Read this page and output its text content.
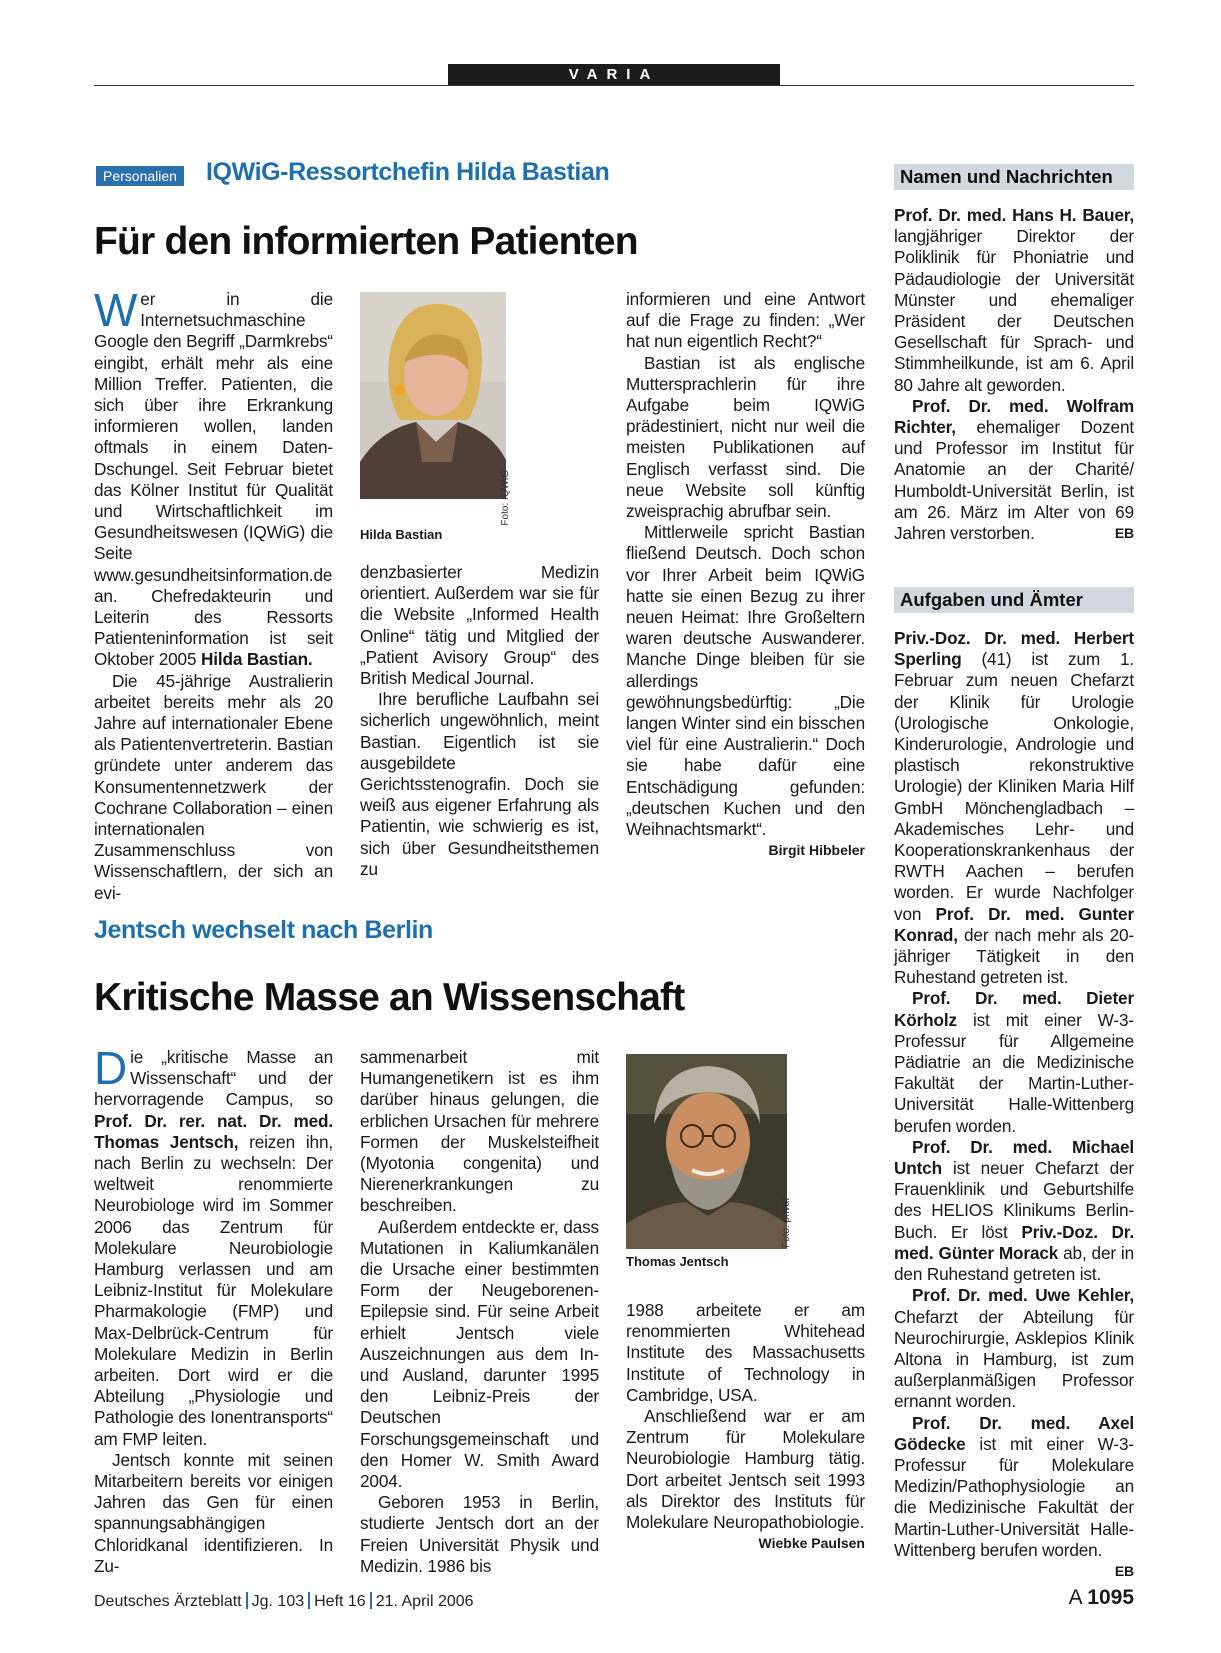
VARIA
Personalien IQWiG-Ressortchefin Hilda Bastian
Für den informierten Patienten

Wer in die Internetsuchmaschine Google den Begriff „Darmkrebs“ eingibt, erhält mehr als eine Million Treffer. Patienten, die sich über ihre Erkrankung informieren wollen, landen oftmals in einem Daten-Dschungel. Seit Februar bietet das Kölner Institut für Qualität und Wirtschaftlichkeit im Gesundheitswesen (IQWiG) die Seite www.gesundheitsinformation.de an. Chefredakteurin und Leiterin des Ressorts Patienteninformation ist seit Oktober 2005 Hilda Bastian.

Die 45-jährige Australierin arbeitet bereits mehr als 20 Jahre auf internationaler Ebene als Patientenvertreterin. Bastian gründete unter anderem das Konsumentennetzwerk der Cochrane Collaboration – einen internationalen Zusammenschluss von Wissenschaftlern, der sich an evi-

Foto: IQWiG
Hilda Bastian

denzbasierter Medizin orientiert. Außerdem war sie für die Website „Informed Health Online“ tätig und Mitglied der „Patient Avisory Group“ des British Medical Journal.

Ihre berufliche Laufbahn sei sicherlich ungewöhnlich, meint Bastian. Eigentlich ist sie ausgebildete Gerichtsstenografin. Doch sie weiß aus eigener Erfahrung als Patientin, wie schwierig es ist, sich über Gesundheitsthemen zu

informieren und eine Antwort auf die Frage zu finden: „Wer hat nun eigentlich Recht?“

Bastian ist als englische Muttersprachlerin für ihre Aufgabe beim IQWiG prädestiniert, nicht nur weil die meisten Publikationen auf Englisch verfasst sind. Die neue Website soll künftig zweisprachig abrufbar sein.

Mittlerweile spricht Bastian fließend Deutsch. Doch schon vor Ihrer Arbeit beim IQWiG hatte sie einen Bezug zu ihrer neuen Heimat: Ihre Großeltern waren deutsche Auswanderer. Manche Dinge bleiben für sie allerdings gewöhnungsbedürftig: „Die langen Winter sind ein bisschen viel für eine Australierin.“ Doch sie habe dafür eine Entschädigung gefunden: „deutschen Kuchen und den Weihnachtsmarkt“.
Birgit Hibbeler

Jentsch wechselt nach Berlin
Kritische Masse an Wissenschaft

Die „kritische Masse an Wissenschaft“ und der hervorragende Campus, so Prof. Dr. rer. nat. Dr. med. Thomas Jentsch, reizen ihn, nach Berlin zu wechseln: Der weltweit renommierte Neurobiologe wird im Sommer 2006 das Zentrum für Molekulare Neurobiologie Hamburg verlassen und am Leibniz-Institut für Molekulare Pharmakologie (FMP) und Max-Delbrück-Centrum für Molekulare Medizin in Berlin arbeiten. Dort wird er die Abteilung „Physiologie und Pathologie des Ionentransports“ am FMP leiten.

Jentsch konnte mit seinen Mitarbeitern bereits vor einigen Jahren das Gen für einen spannungsabhängigen Chloridkanal identifizieren. In Zu-

sammenarbeit mit Humangenetikern ist es ihm darüber hinaus gelungen, die erblichen Ursachen für mehrere Formen der Muskelsteifheit (Myotonia congenita) und Nierenerkrankungen zu beschreiben.

Außerdem entdeckte er, dass Mutationen in Kaliumkanälen die Ursache einer bestimmten Form der Neugeborenen-Epilepsie sind. Für seine Arbeit erhielt Jentsch viele Auszeichnungen aus dem In- und Ausland, darunter 1995 den Leibniz-Preis der Deutschen Forschungsgemeinschaft und den Homer W. Smith Award 2004.

Geboren 1953 in Berlin, studierte Jentsch dort an der Freien Universität Physik und Medizin. 1986 bis

Foto: privat
Thomas Jentsch

1988 arbeitete er am renommierten Whitehead Institute des Massachusetts Institute of Technology in Cambridge, USA.

Anschließend war er am Zentrum für Molekulare Neurobiologie Hamburg tätig. Dort arbeitet Jentsch seit 1993 als Direktor des Instituts für Molekulare Neuropathobiologie.
Wiebke Paulsen

Namen und Nachrichten

Prof. Dr. med. Hans H. Bauer, langjähriger Direktor der Poliklinik für Phoniatrie und Pädaudiologie der Universität Münster und ehemaliger Präsident der Deutschen Gesellschaft für Sprach- und Stimmheilkunde, ist am 6. April 80 Jahre alt geworden.

Prof. Dr. med. Wolfram Richter, ehemaliger Dozent und Professor im Institut für Anatomie an der Charité/ Humboldt-Universität Berlin, ist am 26. März im Alter von 69 Jahren verstorben.	EB

Aufgaben und Ämter

Priv.-Doz. Dr. med. Herbert Sperling (41) ist zum 1. Februar zum neuen Chefarzt der Klinik für Urologie (Urologische Onkologie, Kinderurologie, Andrologie und plastisch rekonstruktive Urologie) der Kliniken Maria Hilf GmbH Mönchengladbach – Akademisches Lehr- und Kooperationskrankenhaus der RWTH Aachen – berufen worden. Er wurde Nachfolger von Prof. Dr. med. Gunter Konrad, der nach mehr als 20-jähriger Tätigkeit in den Ruhestand getreten ist.

Prof. Dr. med. Dieter Körholz ist mit einer W-3-Professur für Allgemeine Pädiatrie an die Medizinische Fakultät der Martin-Luther-Universität Halle-Wittenberg berufen worden.

Prof. Dr. med. Michael Untch ist neuer Chefarzt der Frauenklinik und Geburtshilfe des HELIOS Klinikums Berlin-Buch. Er löst Priv.-Doz. Dr. med. Günter Morack ab, der in den Ruhestand getreten ist.

Prof. Dr. med. Uwe Kehler, Chefarzt der Abteilung für Neurochirurgie, Asklepios Klinik Altona in Hamburg, ist zum außerplanmäßigen Professor ernannt worden.

Prof. Dr. med. Axel Gödecke ist mit einer W-3-Professur für Molekulare Medizin/Pathophysiologie an die Medizinische Fakultät der Martin-Luther-Universität Halle-Wittenberg berufen worden.
EB

Deutsches Ärzteblatt Jg. 103 Heft 16 21. April 2006	A 1095
